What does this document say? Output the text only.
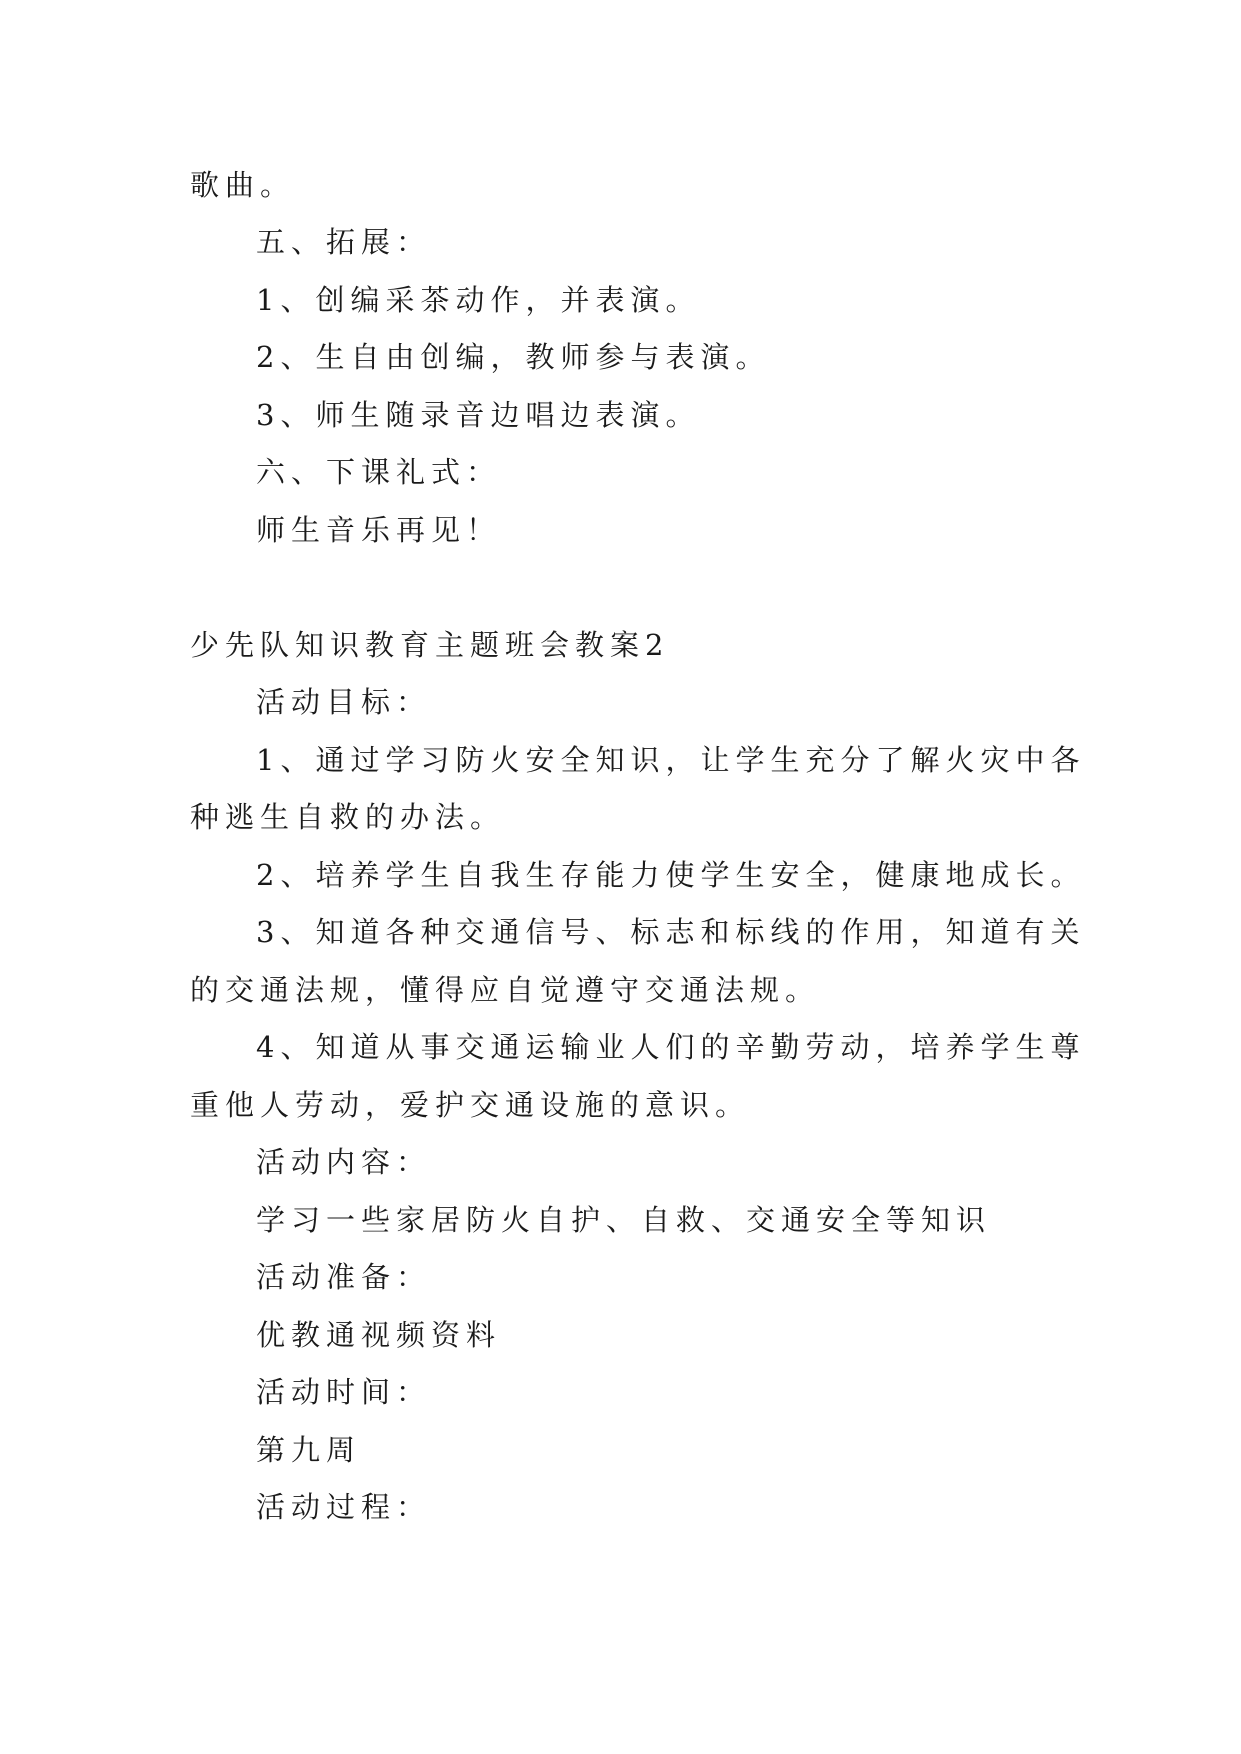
歌曲。
五、拓展：
1、创编采茶动作，并表演。
2、生自由创编，教师参与表演。
3、师生随录音边唱边表演。
六、下课礼式：
师生音乐再见！
少先队知识教育主题班会教案2
活动目标：
1、通过学习防火安全知识，让学生充分了解火灾中各
种逃生自救的办法。
2、培养学生自我生存能力使学生安全，健康地成长。
3、知道各种交通信号、标志和标线的作用，知道有关
的交通法规，懂得应自觉遵守交通法规。
4、知道从事交通运输业人们的辛勤劳动，培养学生尊
重他人劳动，爱护交通设施的意识。
活动内容：
学习一些家居防火自护、自救、交通安全等知识
活动准备：
优教通视频资料
活动时间：
第九周
活动过程：
